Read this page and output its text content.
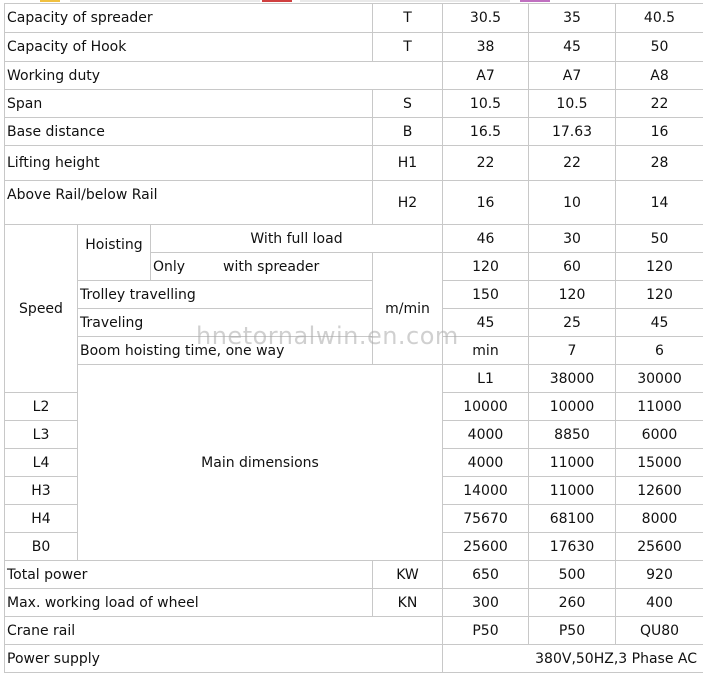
Capacity of spreader			T	30.5	35	40.5	
Capacity of Hook			T	38	45	50	
Working duty				A7	A7	A8	
Span			S	10.5	10.5	22	
Base distance			B	16.5	17.63	16	
Lifting height			H1	22	22	28	
Above Rail/below Rail			H2	16	10	14	
Speed	Hoisting	With full load		46	30	50	
		Only with spreader	m/min	120	60	120	
	Trolley travelling			150	120	120	
	Traveling			45	25	45	
	Boom hoisting time, one way			min	7	6	
	Main dimensions			L1	38000	30000	
L2				10000	10000	11000	
L3				4000	8850	6000	
L4				4000	11000	15000	
H3				14000	11000	12600	
H4				75670	68100	8000	
B0				25600	17630	25600	
Total power			KW	650	500	920	
Max. working load of wheel			KN	300	260	400	
Crane rail				P50	P50	QU80	
Power supply				380V,50HZ,3 Phase AC			
hnetornalwin.en.com
